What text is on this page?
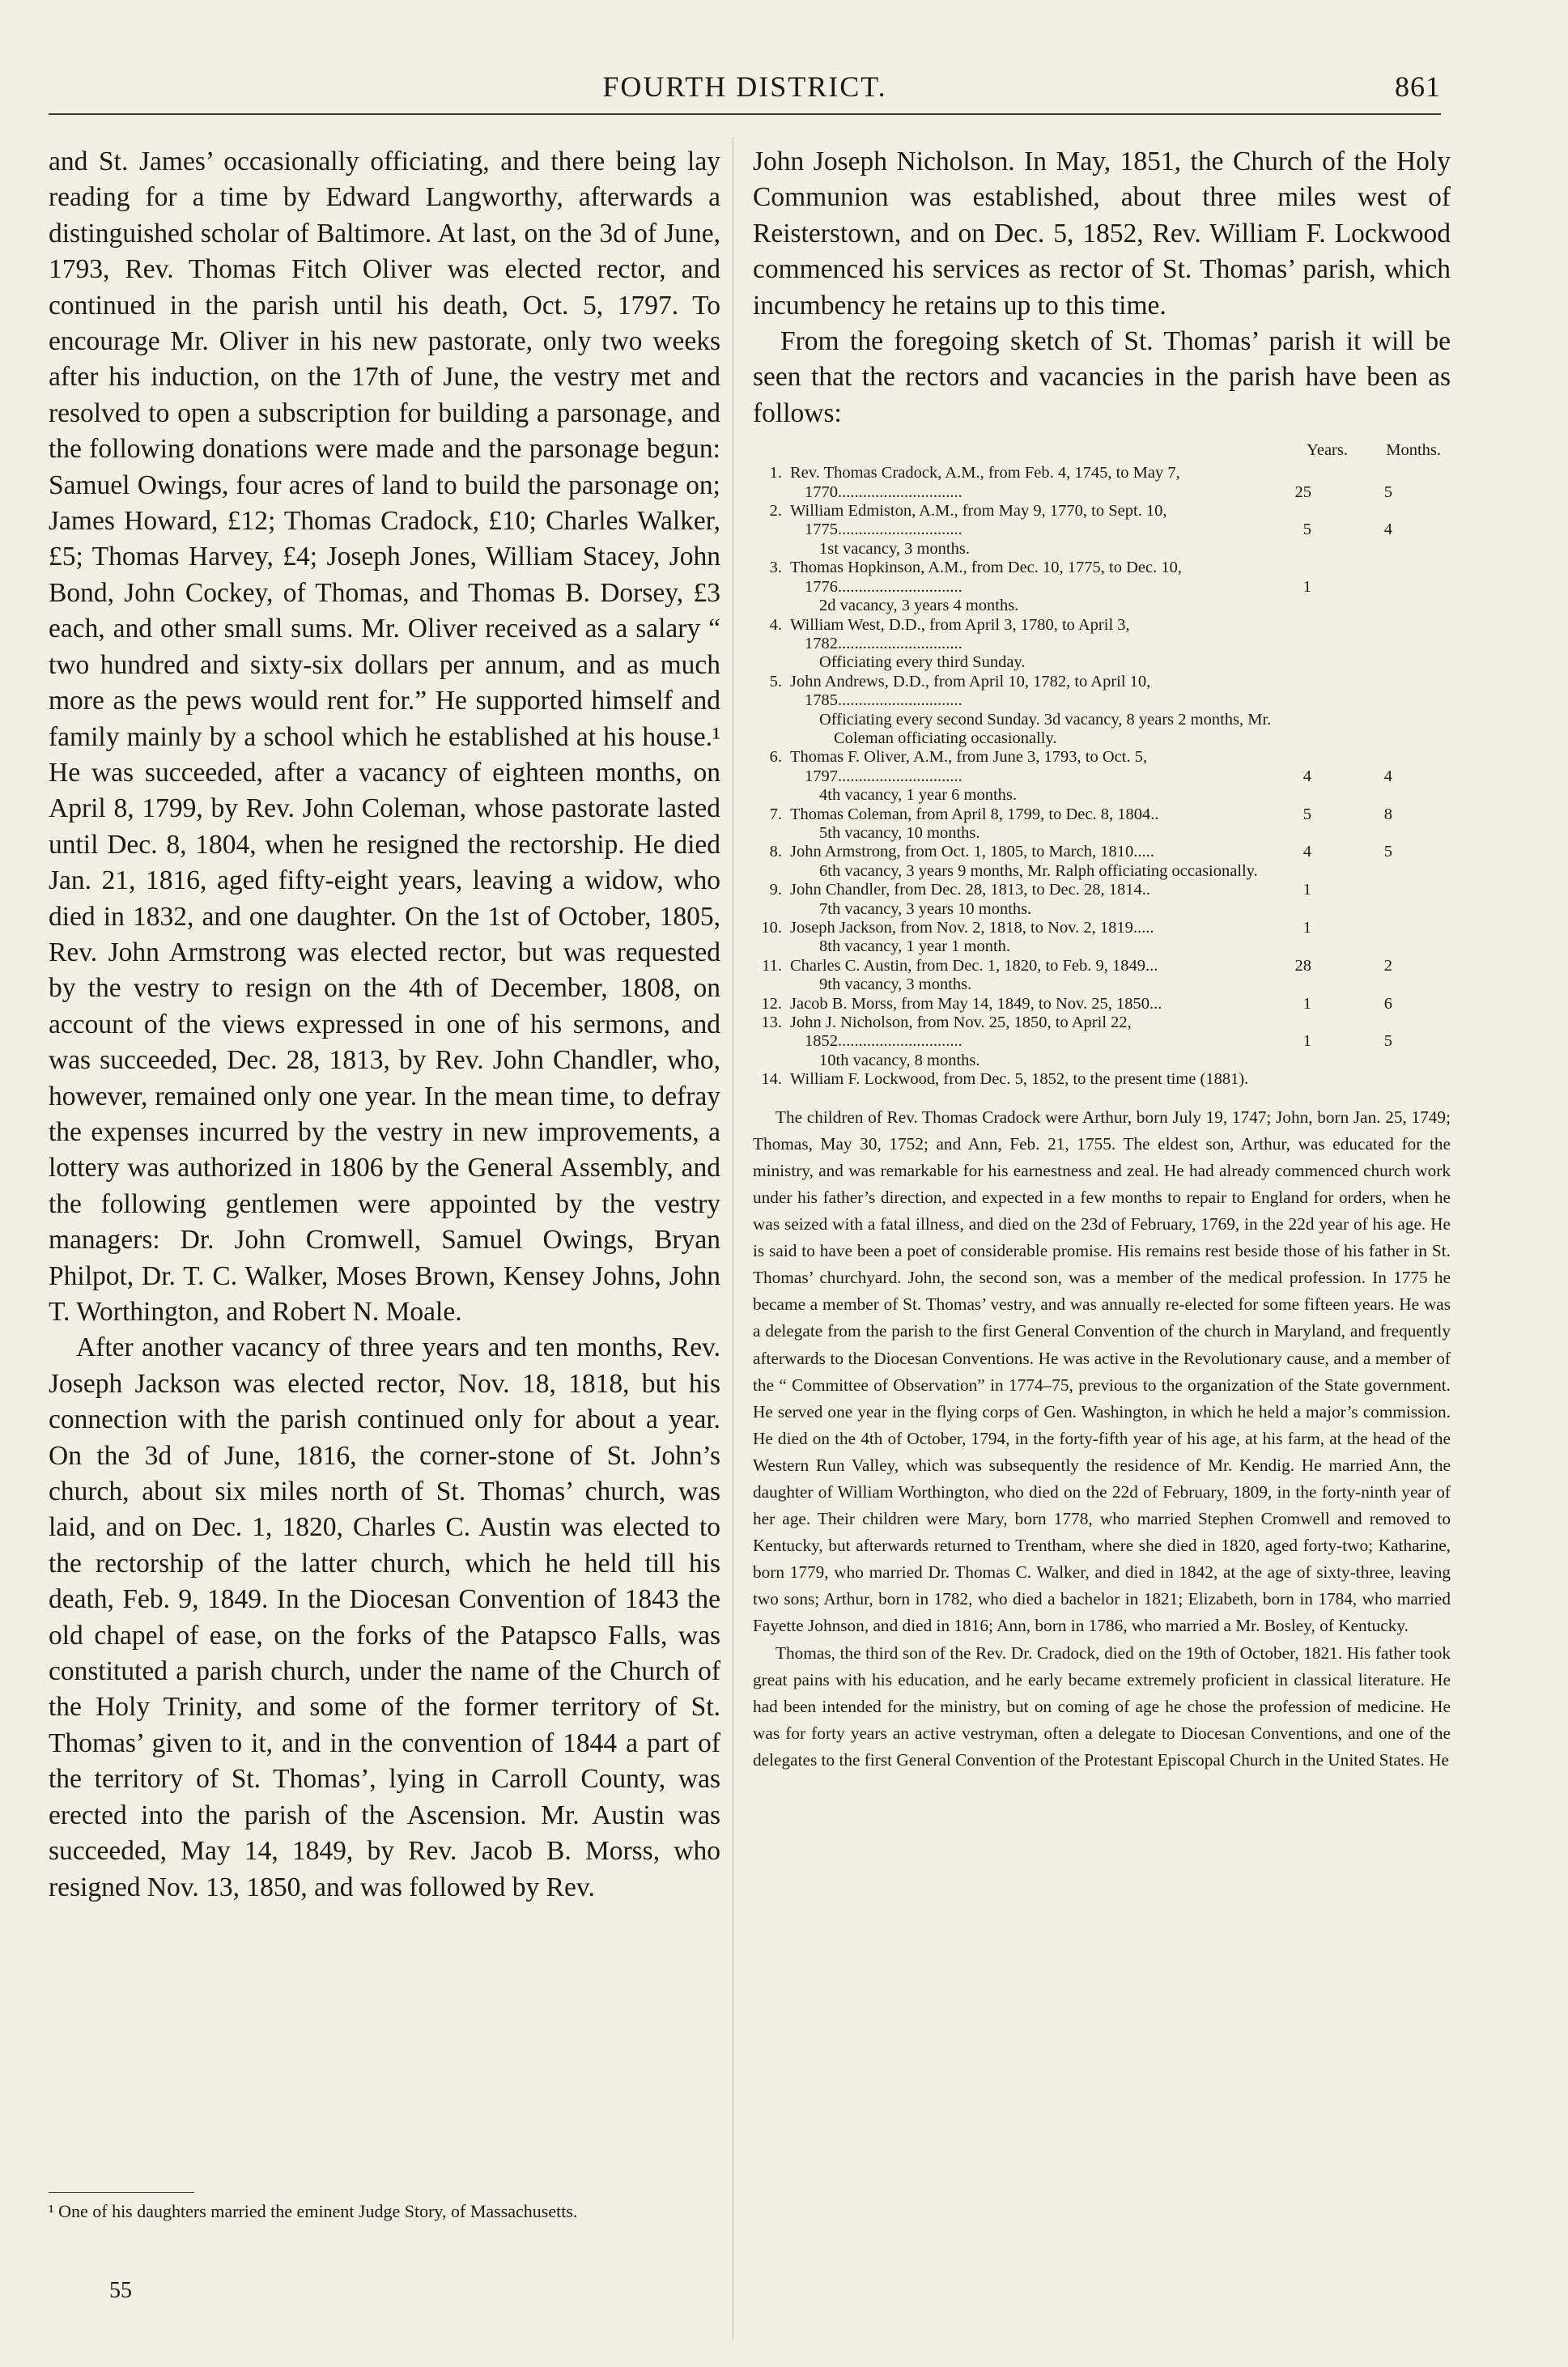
FOURTH DISTRICT.	861

and St. James’ occasionally officiating, and there being lay reading for a time by Edward Langworthy, afterwards a distinguished scholar of Baltimore. At last, on the 3d of June, 1793, Rev. Thomas Fitch Oliver was elected rector, and continued in the parish until his death, Oct. 5, 1797. To encourage Mr. Oliver in his new pastorate, only two weeks after his induction, on the 17th of June, the vestry met and resolved to open a subscription for building a parsonage, and the following donations were made and the parsonage begun: Samuel Owings, four acres of land to build the parsonage on; James Howard, £12; Thomas Cradock, £10; Charles Walker, £5; Thomas Harvey, £4; Joseph Jones, William Stacey, John Bond, John Cockey, of Thomas, and Thomas B. Dorsey, £3 each, and other small sums. Mr. Oliver received as a salary “ two hundred and sixty-six dollars per annum, and as much more as the pews would rent for.” He supported himself and family mainly by a school which he established at his house.¹ He was succeeded, after a vacancy of eighteen months, on April 8, 1799, by Rev. John Coleman, whose pastorate lasted until Dec. 8, 1804, when he resigned the rectorship. He died Jan. 21, 1816, aged fifty-eight years, leaving a widow, who died in 1832, and one daughter. On the 1st of October, 1805, Rev. John Armstrong was elected rector, but was requested by the vestry to resign on the 4th of December, 1808, on account of the views expressed in one of his sermons, and was succeeded, Dec. 28, 1813, by Rev. John Chandler, who, however, remained only one year. In the mean time, to defray the expenses incurred by the vestry in new improvements, a lottery was authorized in 1806 by the General Assembly, and the following gentlemen were appointed by the vestry managers: Dr. John Cromwell, Samuel Owings, Bryan Philpot, Dr. T. C. Walker, Moses Brown, Kensey Johns, John T. Worthington, and Robert N. Moale.

After another vacancy of three years and ten months, Rev. Joseph Jackson was elected rector, Nov. 18, 1818, but his connection with the parish continued only for about a year. On the 3d of June, 1816, the corner-stone of St. John’s church, about six miles north of St. Thomas’ church, was laid, and on Dec. 1, 1820, Charles C. Austin was elected to the rectorship of the latter church, which he held till his death, Feb. 9, 1849. In the Diocesan Convention of 1843 the old chapel of ease, on the forks of the Patapsco Falls, was constituted a parish church, under the name of the Church of the Holy Trinity, and some of the former territory of St. Thomas’ given to it, and in the convention of 1844 a part of the territory of St. Thomas’, lying in Carroll County, was erected into the parish of the Ascension. Mr. Austin was succeeded, May 14, 1849, by Rev. Jacob B. Morss, who resigned Nov. 13, 1850, and was followed by Rev.

¹ One of his daughters married the eminent Judge Story, of Massachusetts.
55

John Joseph Nicholson. In May, 1851, the Church of the Holy Communion was established, about three miles west of Reisterstown, and on Dec. 5, 1852, Rev. William F. Lockwood commenced his services as rector of St. Thomas’ parish, which incumbency he retains up to this time.

From the foregoing sketch of St. Thomas’ parish it will be seen that the rectors and vacancies in the parish have been as follows:

Years.	Months.
1. Rev. Thomas Cradock, A.M., from Feb. 4, 1745, to May 7, 1770..............................	25	5
2. William Edmiston, A.M., from May 9, 1770, to Sept. 10, 1775..............................	5	4
1st vacancy, 3 months.
3. Thomas Hopkinson, A.M., from Dec. 10, 1775, to Dec. 10, 1776..............................	1
2d vacancy, 3 years 4 months.
4. William West, D.D., from April 3, 1780, to April 3, 1782..............................
Officiating every third Sunday.
5. John Andrews, D.D., from April 10, 1782, to April 10, 1785..............................
Officiating every second Sunday. 3d vacancy, 8 years 2 months, Mr. Coleman officiating occasionally.
6. Thomas F. Oliver, A.M., from June 3, 1793, to Oct. 5, 1797..............................	4	4
4th vacancy, 1 year 6 months.
7. Thomas Coleman, from April 8, 1799, to Dec. 8, 1804..	5	8
5th vacancy, 10 months.
8. John Armstrong, from Oct. 1, 1805, to March, 1810.....	4	5
6th vacancy, 3 years 9 months, Mr. Ralph officiating occasionally.
9. John Chandler, from Dec. 28, 1813, to Dec. 28, 1814..	1
7th vacancy, 3 years 10 months.
10. Joseph Jackson, from Nov. 2, 1818, to Nov. 2, 1819.....	1
8th vacancy, 1 year 1 month.
11. Charles C. Austin, from Dec. 1, 1820, to Feb. 9, 1849...	28	2
9th vacancy, 3 months.
12. Jacob B. Morss, from May 14, 1849, to Nov. 25, 1850...	1	6
13. John J. Nicholson, from Nov. 25, 1850, to April 22, 1852..............................	1	5
10th vacancy, 8 months.
14. William F. Lockwood, from Dec. 5, 1852, to the present time (1881).

The children of Rev. Thomas Cradock were Arthur, born July 19, 1747; John, born Jan. 25, 1749; Thomas, May 30, 1752; and Ann, Feb. 21, 1755. The eldest son, Arthur, was educated for the ministry, and was remarkable for his earnestness and zeal. He had already commenced church work under his father’s direction, and expected in a few months to repair to England for orders, when he was seized with a fatal illness, and died on the 23d of February, 1769, in the 22d year of his age. He is said to have been a poet of considerable promise. His remains rest beside those of his father in St. Thomas’ churchyard. John, the second son, was a member of the medical profession. In 1775 he became a member of St. Thomas’ vestry, and was annually re-elected for some fifteen years. He was a delegate from the parish to the first General Convention of the church in Maryland, and frequently afterwards to the Diocesan Conventions. He was active in the Revolutionary cause, and a member of the “ Committee of Observation” in 1774–75, previous to the organization of the State government. He served one year in the flying corps of Gen. Washington, in which he held a major’s commission. He died on the 4th of October, 1794, in the forty-fifth year of his age, at his farm, at the head of the Western Run Valley, which was subsequently the residence of Mr. Kendig. He married Ann, the daughter of William Worthington, who died on the 22d of February, 1809, in the forty-ninth year of her age. Their children were Mary, born 1778, who married Stephen Cromwell and removed to Kentucky, but afterwards returned to Trentham, where she died in 1820, aged forty-two; Katharine, born 1779, who married Dr. Thomas C. Walker, and died in 1842, at the age of sixty-three, leaving two sons; Arthur, born in 1782, who died a bachelor in 1821; Elizabeth, born in 1784, who married Fayette Johnson, and died in 1816; Ann, born in 1786, who married a Mr. Bosley, of Kentucky.

Thomas, the third son of the Rev. Dr. Cradock, died on the 19th of October, 1821. His father took great pains with his education, and he early became extremely proficient in classical literature. He had been intended for the ministry, but on coming of age he chose the profession of medicine. He was for forty years an active vestryman, often a delegate to Diocesan Conventions, and one of the delegates to the first General Convention of the Protestant Episcopal Church in the United States. He
